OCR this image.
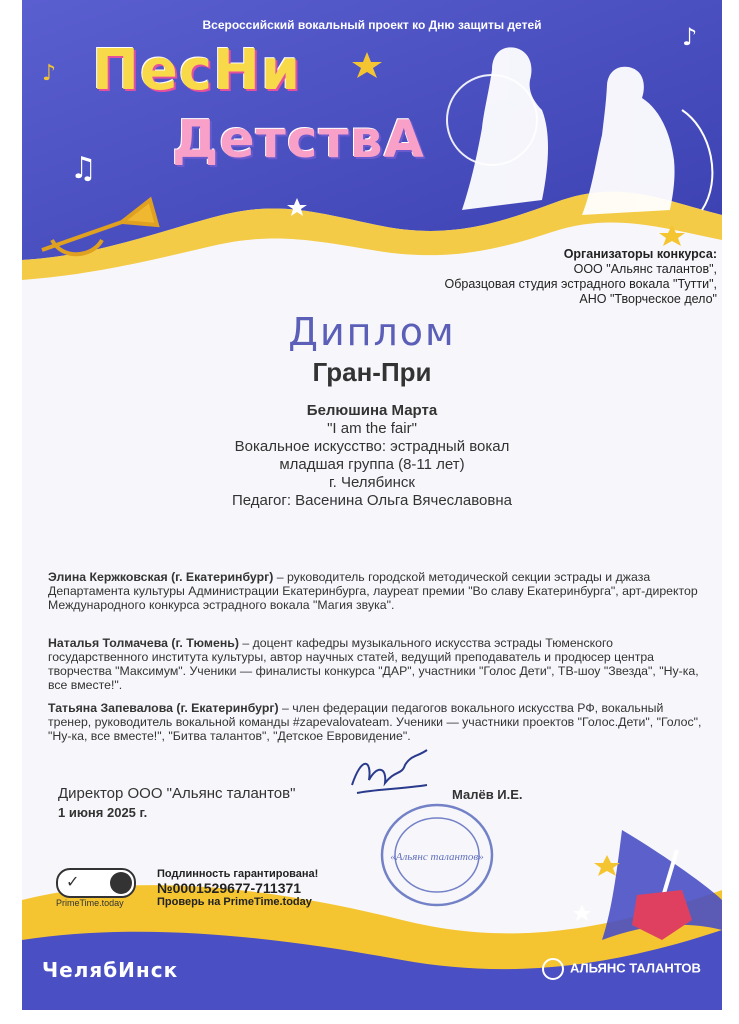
♫
♪
♪
Всероссийский вокальный проект ко Дню защиты детей
ПесНи
ДетствА
Организаторы конкурса:
ООО "Альянс талантов",
Образцовая студия эстрадного вокала "Тутти",
АНО "Творческое дело"
Диплом
Гран-При
Белюшина Марта
"I am the fair"
Вокальное искусство: эстрадный вокал
младшая группа (8-11 лет)
г. Челябинск
Педагог: Васенина Ольга Вячеславовна
Элина Кержковская (г. Екатеринбург) – руководитель городской методической секции эстрады и джаза Департамента культуры Администрации Екатеринбурга, лауреат премии "Во славу Екатеринбурга", арт-директор Международного конкурса эстрадного вокала "Магия звука".
Наталья Толмачева (г. Тюмень) – доцент кафедры музыкального искусства эстрады Тюменского государственного института культуры, автор научных статей, ведущий преподаватель и продюсер центра творчества "Максимум". Ученики — финалисты конкурса "ДАР", участники "Голос Дети", ТВ-шоу "Звезда", "Ну-ка, все вместе!".
Татьяна Запевалова (г. Екатеринбург) – член федерации педагогов вокального искусства РФ, вокальный тренер, руководитель вокальной команды #zapevalovateam. Ученики — участники проектов "Голос.Дети", "Голос", "Ну-ка, все вместе!", "Битва талантов", "Детское Евровидение".
Директор ООО "Альянс талантов"
1 июня 2025 г.
Малёв И.Е.
«Альянс талантов»
✓
PrimeTime.today
Подлинность гарантирована!
№0001529677-711371
Проверь на PrimeTime.today
ЧелябИнск	АЛЬЯНС ТАЛАНТОВ
